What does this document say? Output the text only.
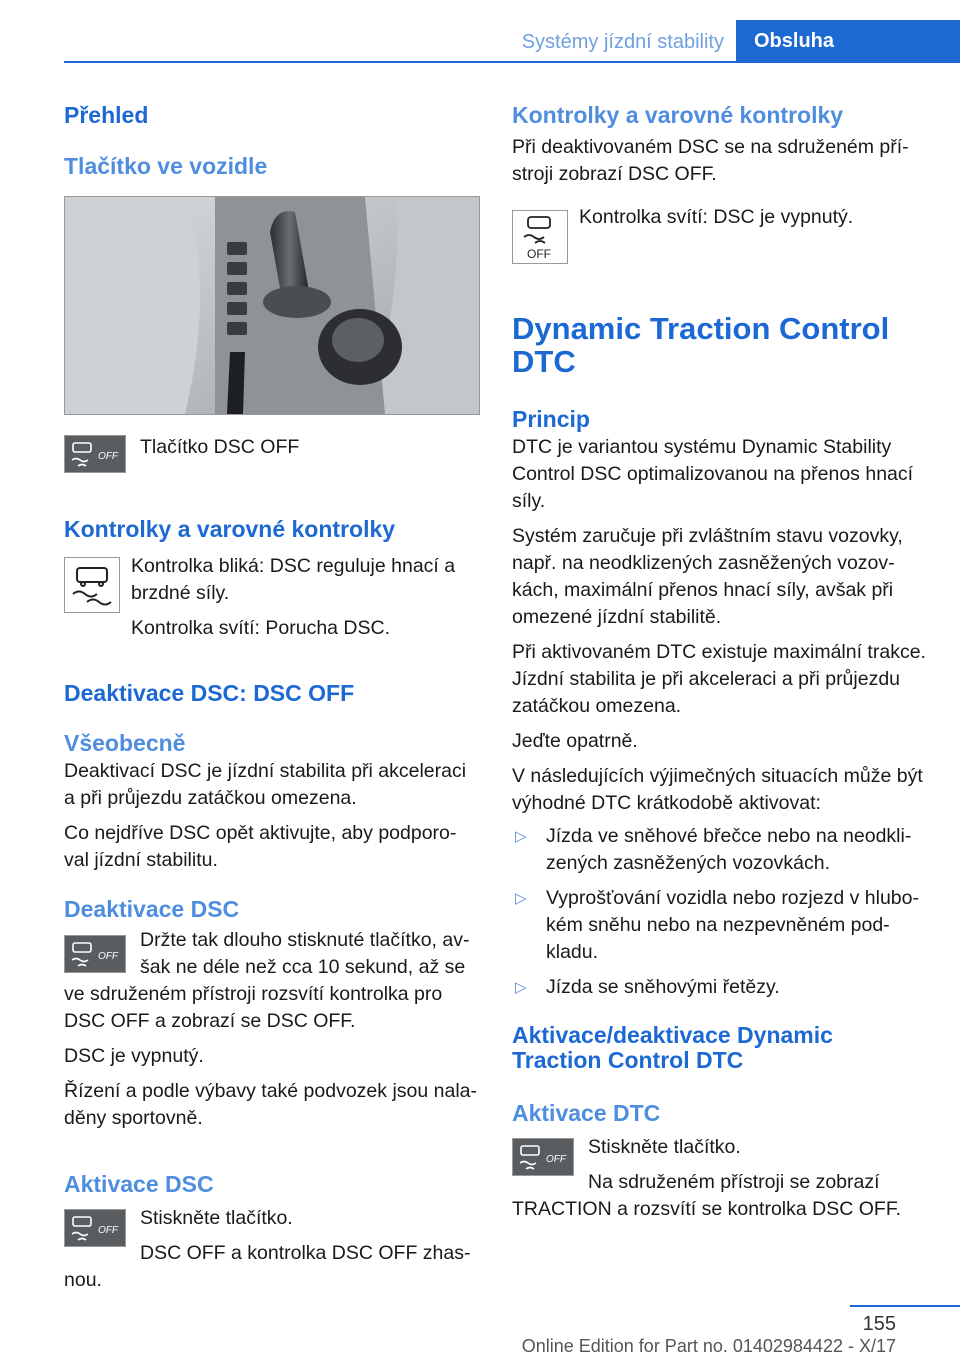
Systémy jízdní stability Obsluha
Přehled
Tlačítko ve vozidle
OFF Tlačítko DSC OFF

Kontrolky a varovné kontrolky

Kontrolka bliká: DSC reguluje hnací a brzdné síly.

Kontrolka svítí: Porucha DSC.

Deaktivace DSC: DSC OFF
Všeobecně

Deaktivací DSC je jízdní stabilita při akceleraci a při průjezdu zatáčkou omezena.

Co nejdříve DSC opět aktivujte, aby podporo‐val jízdní stabilitu.

Deaktivace DSC
OFF

Držte tak dlouho stisknuté tlačítko, av‐

šak ne déle než cca 10 sekund, až se

ve sdruženém přístroji rozsvítí kontrolka pro DSC OFF a zobrazí se DSC OFF.

DSC je vypnutý.

Řízení a podle výbavy také podvozek jsou nala‐děny sportovně.

Aktivace DSC
OFF

Stiskněte tlačítko.

DSC OFF a kontrolka DSC OFF zhas‐

nou.

Kontrolky a varovné kontrolky

Při deaktivovaném DSC se na sdruženém pří‐stroji zobrazí DSC OFF.

OFF

Kontrolka svítí: DSC je vypnutý.

Dynamic Traction Control DTC
Princip

DTC je variantou systému Dynamic Stability Control DSC optimalizovanou na přenos hnací síly.

Systém zaručuje při zvláštním stavu vozovky, např. na neodklizených zasněžených vozov‐kách, maximální přenos hnací síly, avšak při omezené jízdní stabilitě.

Při aktivovaném DTC existuje maximální trakce. Jízdní stabilita je při akceleraci a při průjezdu zatáčkou omezena.

Jeďte opatrně.

V následujících výjimečných situacích může být výhodné DTC krátkodobě aktivovat:

▷ Jízda ve sněhové břečce nebo na neodkli‐zených zasněžených vozovkách.
▷ Vyprošťování vozidla nebo rozjezd v hlubo‐kém sněhu nebo na nezpevněném pod‐kladu.
▷ Jízda se sněhovými řetězy.
Aktivace/deaktivace Dynamic Traction Control DTC
Aktivace DTC
OFF

Stiskněte tlačítko.

Na sdruženém přístroji se zobrazí

TRACTION a rozsvítí se kontrolka DSC OFF.

155
Online Edition for Part no. 01402984422 - X/17
